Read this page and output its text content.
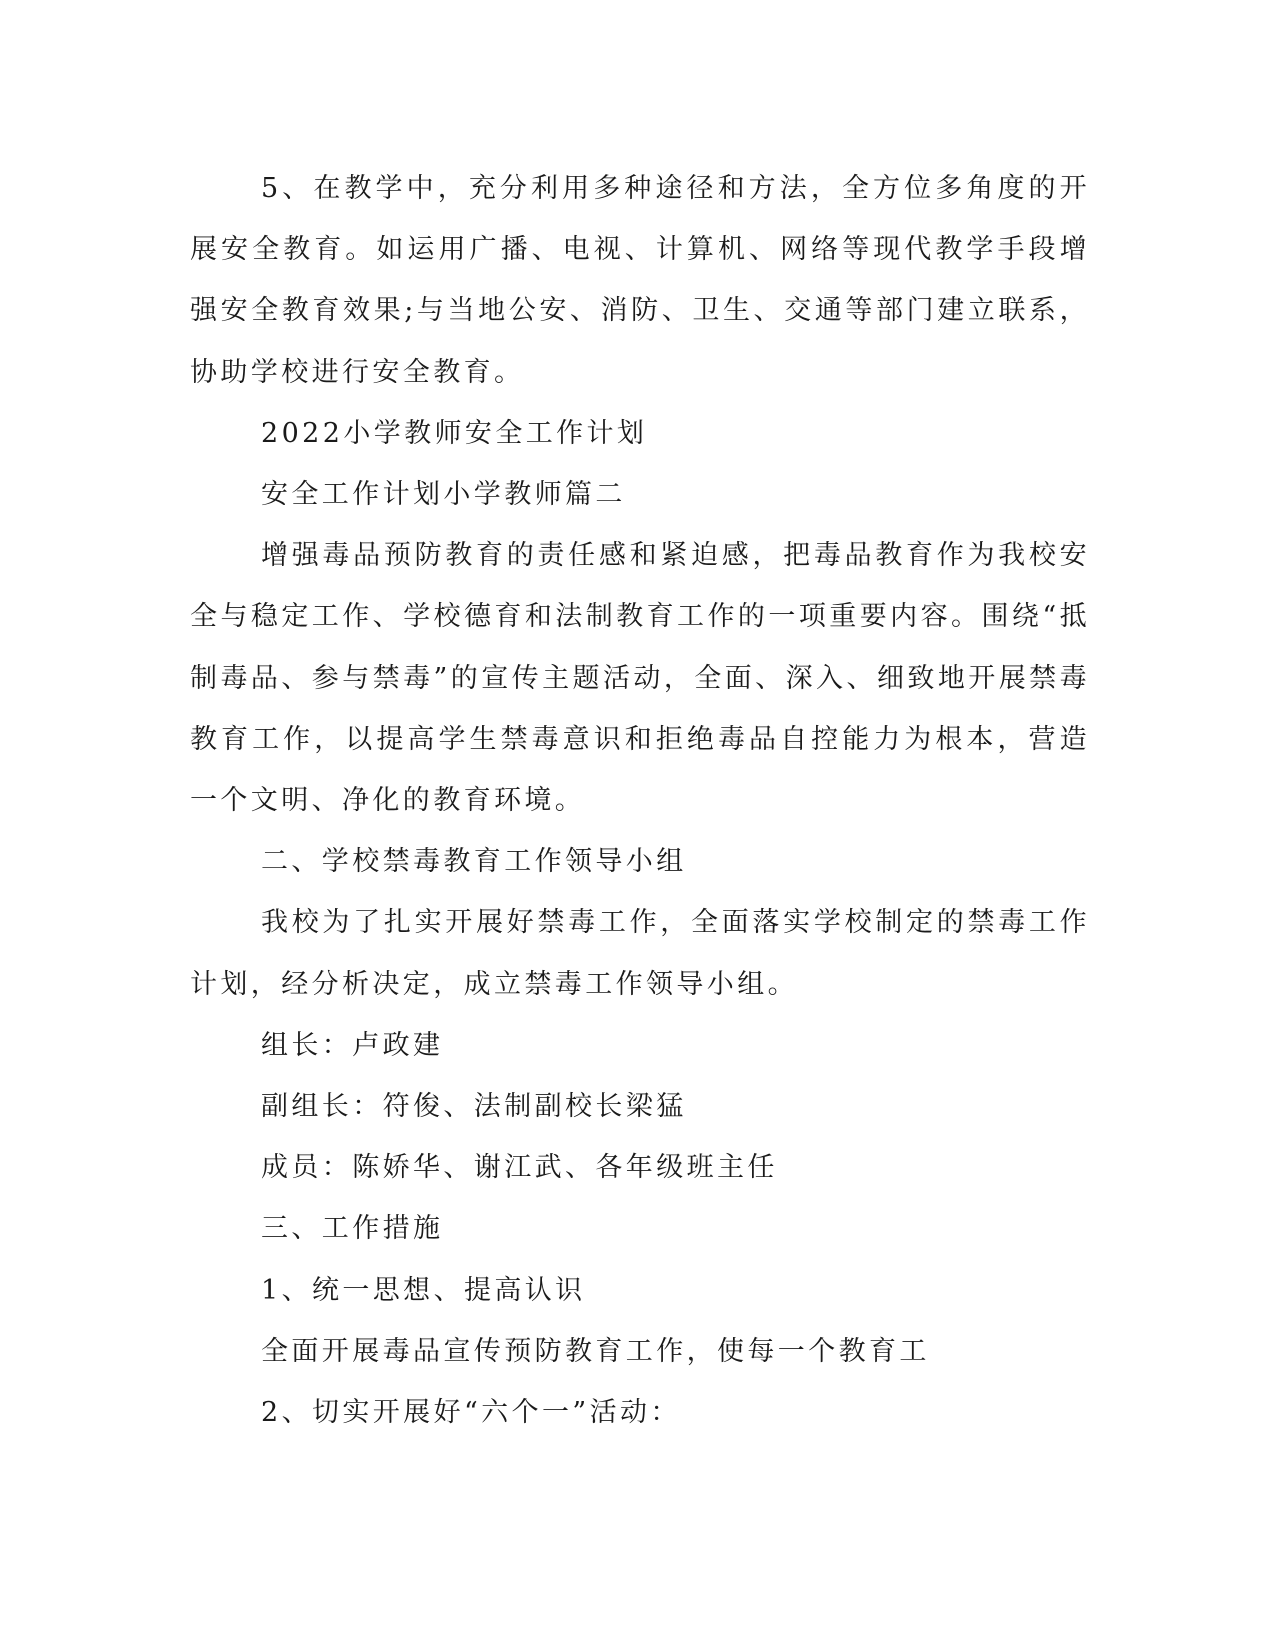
5、在教学中，充分利用多种途径和方法，全方位多角度的开展安全教育。如运用广播、电视、计算机、网络等现代教学手段增强安全教育效果;与当地公安、消防、卫生、交通等部门建立联系，协助学校进行安全教育。

2022小学教师安全工作计划

安全工作计划小学教师篇二

增强毒品预防教育的责任感和紧迫感，把毒品教育作为我校安全与稳定工作、学校德育和法制教育工作的一项重要内容。围绕“抵制毒品、参与禁毒”的宣传主题活动，全面、深入、细致地开展禁毒教育工作，以提高学生禁毒意识和拒绝毒品自控能力为根本，营造一个文明、净化的教育环境。

二、学校禁毒教育工作领导小组

我校为了扎实开展好禁毒工作，全面落实学校制定的禁毒工作计划，经分析决定，成立禁毒工作领导小组。

组长：卢政建

副组长：符俊、法制副校长梁猛

成员：陈娇华、谢江武、各年级班主任

三、工作措施

1、统一思想、提高认识

全面开展毒品宣传预防教育工作，使每一个教育工

2、切实开展好“六个一”活动：
